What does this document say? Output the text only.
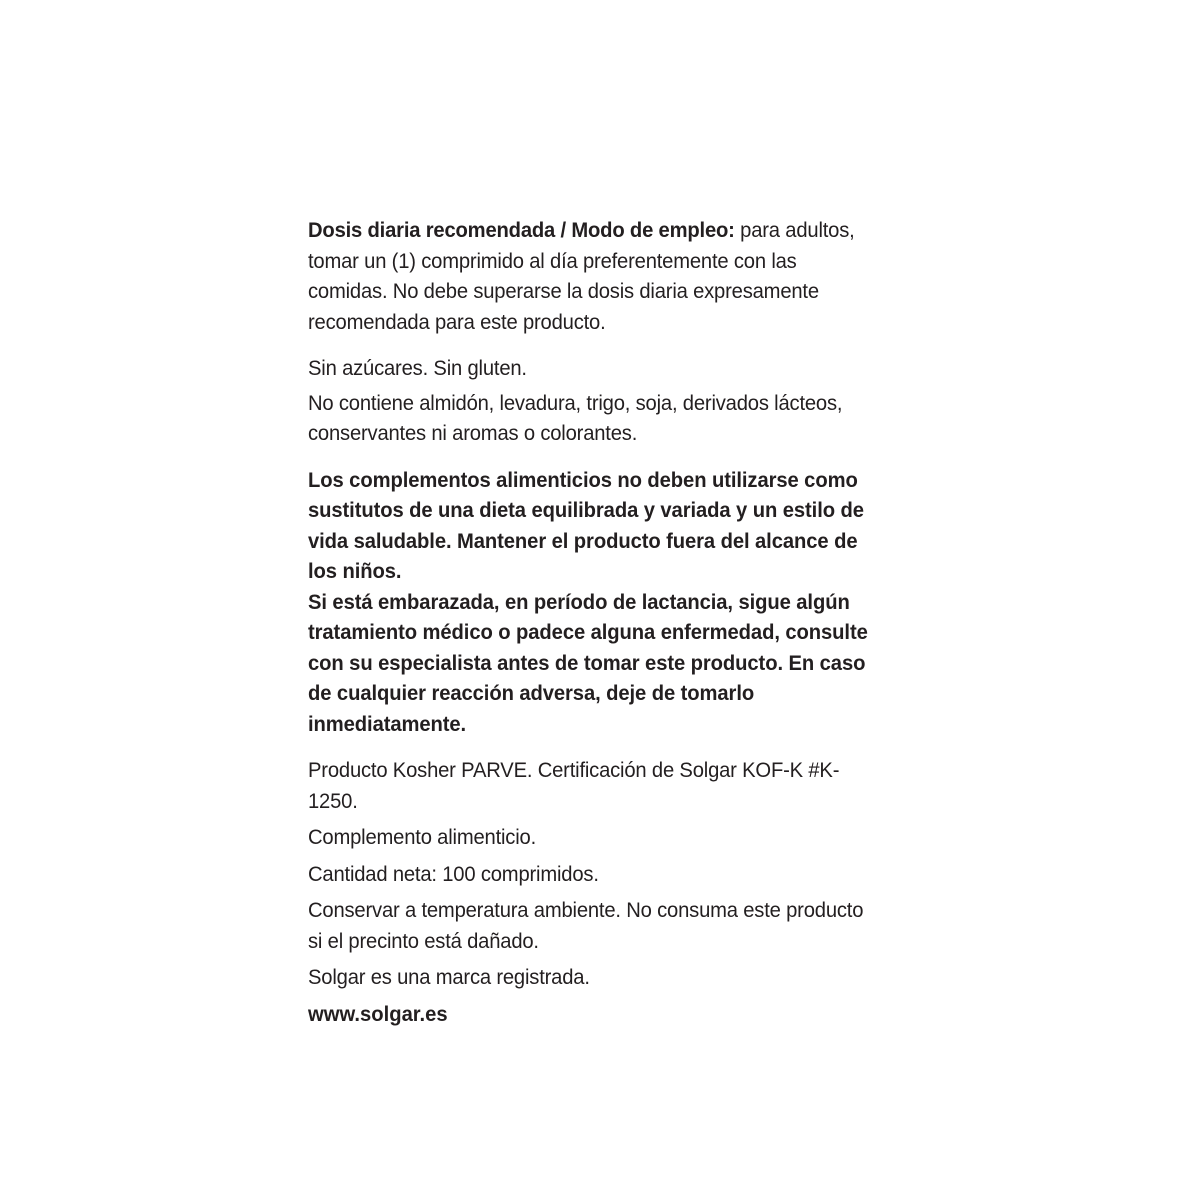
Dosis diaria recomendada / Modo de empleo: para adultos, tomar un (1) comprimido al día preferentemente con las comidas. No debe superarse la dosis diaria expresamente recomendada para este producto.

Sin azúcares. Sin gluten.

No contiene almidón, levadura, trigo, soja, derivados lácteos, conservantes ni aromas o colorantes.

Los complementos alimenticios no deben utilizarse como sustitutos de una dieta equilibrada y variada y un estilo de vida saludable. Mantener el producto fuera del alcance de los niños.

Si está embarazada, en período de lactancia, sigue algún tratamiento médico o padece alguna enfermedad, consulte con su especialista antes de tomar este producto. En caso de cualquier reacción adversa, deje de tomarlo inmediatamente.

Producto Kosher PARVE. Certificación de Solgar KOF-K #K-1250.

Complemento alimenticio.

Cantidad neta: 100 comprimidos.

Conservar a temperatura ambiente. No consuma este producto si el precinto está dañado.

Solgar es una marca registrada.

www.solgar.es
